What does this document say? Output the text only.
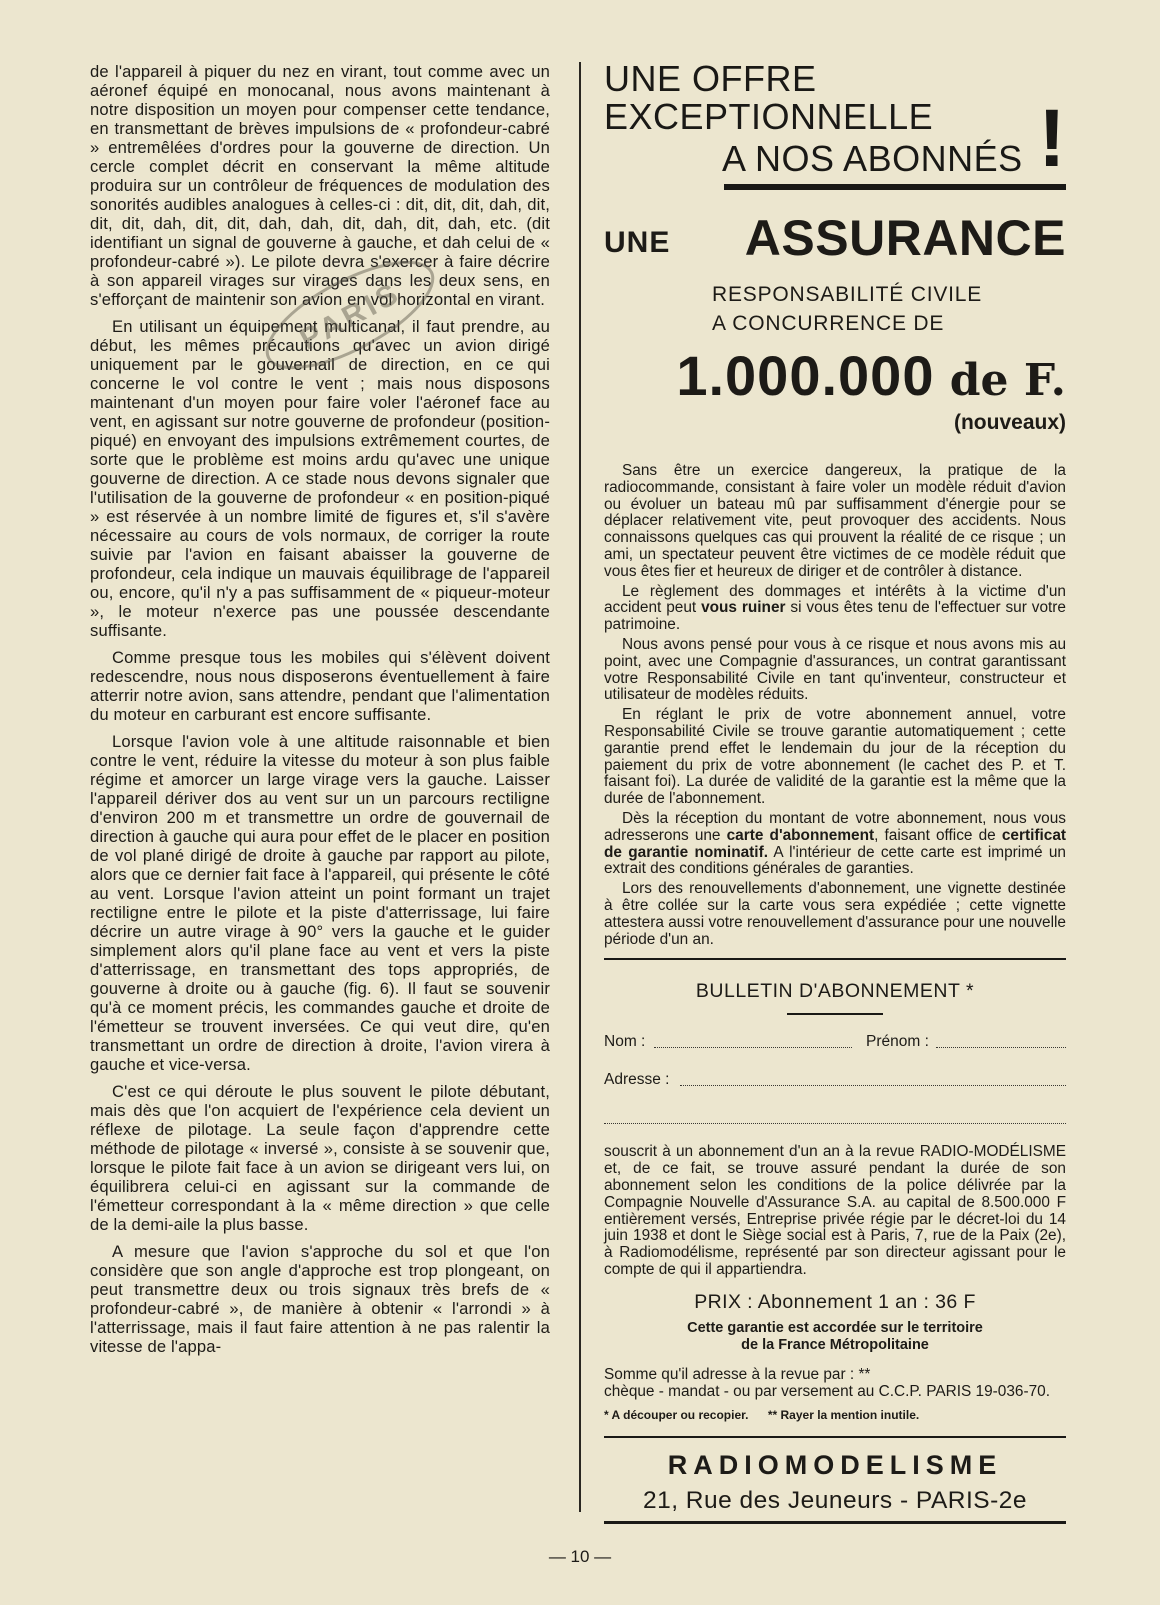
de l'appareil à piquer du nez en virant, tout comme avec un aéronef équipé en monocanal, nous avons maintenant à notre disposition un moyen pour compenser cette tendance, en transmettant de brèves impulsions de « profondeur-cabré » entremêlées d'ordres pour la gouverne de direction. Un cercle complet décrit en conservant la même altitude produira sur un contrôleur de fréquences de modulation des sonorités audibles analogues à celles-ci : dit, dit, dit, dah, dit, dit, dit, dah, dit, dit, dah, dah, dit, dah, dit, dah, etc. (dit identifiant un signal de gouverne à gauche, et dah celui de « profondeur-cabré »). Le pilote devra s'exercer à faire décrire à son appareil virages sur virages dans les deux sens, en s'efforçant de maintenir son avion en vol horizontal en virant.

En utilisant un équipement multicanal, il faut prendre, au début, les mêmes précautions qu'avec un avion dirigé uniquement par le gouvernail de direction, en ce qui concerne le vol contre le vent ; mais nous disposons maintenant d'un moyen pour faire voler l'aéronef face au vent, en agissant sur notre gouverne de profondeur (position-piqué) en envoyant des impulsions extrêmement courtes, de sorte que le problème est moins ardu qu'avec une unique gouverne de direction. A ce stade nous devons signaler que l'utilisation de la gouverne de profondeur « en position-piqué » est réservée à un nombre limité de figures et, s'il s'avère nécessaire au cours de vols normaux, de corriger la route suivie par l'avion en faisant abaisser la gouverne de profondeur, cela indique un mauvais équilibrage de l'appareil ou, encore, qu'il n'y a pas suffisamment de « piqueur-moteur », le moteur n'exerce pas une poussée descendante suffisante.

Comme presque tous les mobiles qui s'élèvent doivent redescendre, nous nous disposerons éventuellement à faire atterrir notre avion, sans attendre, pendant que l'alimentation du moteur en carburant est encore suffisante.

Lorsque l'avion vole à une altitude raisonnable et bien contre le vent, réduire la vitesse du moteur à son plus faible régime et amorcer un large virage vers la gauche. Laisser l'appareil dériver dos au vent sur un un parcours rectiligne d'environ 200 m et transmettre un ordre de gouvernail de direction à gauche qui aura pour effet de le placer en position de vol plané dirigé de droite à gauche par rapport au pilote, alors que ce dernier fait face à l'appareil, qui présente le côté au vent. Lorsque l'avion atteint un point formant un trajet rectiligne entre le pilote et la piste d'atterrissage, lui faire décrire un autre virage à 90° vers la gauche et le guider simplement alors qu'il plane face au vent et vers la piste d'atterrissage, en transmettant des tops appropriés, de gouverne à droite ou à gauche (fig. 6). Il faut se souvenir qu'à ce moment précis, les commandes gauche et droite de l'émetteur se trouvent inversées. Ce qui veut dire, qu'en transmettant un ordre de direction à droite, l'avion virera à gauche et vice-versa.

C'est ce qui déroute le plus souvent le pilote débutant, mais dès que l'on acquiert de l'expérience cela devient un réflexe de pilotage. La seule façon d'apprendre cette méthode de pilotage « inversé », consiste à se souvenir que, lorsque le pilote fait face à un avion se dirigeant vers lui, on équilibrera celui-ci en agissant sur la commande de l'émetteur correspondant à la « même direction » que celle de la demi-aile la plus basse.

A mesure que l'avion s'approche du sol et que l'on considère que son angle d'approche est trop plongeant, on peut transmettre deux ou trois signaux très brefs de « profondeur-cabré », de manière à obtenir « l'arrondi » à l'atterrissage, mais il faut faire attention à ne pas ralentir la vitesse de l'appa-

PARIS
UNE OFFRE
EXCEPTIONNELLE
A NOS ABONNÉS !
UNE ASSURANCE
RESPONSABILITÉ CIVILE
A CONCURRENCE DE
1.000.000 de F.
(nouveaux)

Sans être un exercice dangereux, la pratique de la radiocommande, consistant à faire voler un modèle réduit d'avion ou évoluer un bateau mû par suffisamment d'énergie pour se déplacer relativement vite, peut provoquer des accidents. Nous connaissons quelques cas qui prouvent la réalité de ce risque ; un ami, un spectateur peuvent être victimes de ce modèle réduit que vous êtes fier et heureux de diriger et de contrôler à distance.

Le règlement des dommages et intérêts à la victime d'un accident peut vous ruiner si vous êtes tenu de l'effectuer sur votre patrimoine.

Nous avons pensé pour vous à ce risque et nous avons mis au point, avec une Compagnie d'assurances, un contrat garantissant votre Responsabilité Civile en tant qu'inventeur, constructeur et utilisateur de modèles réduits.

En réglant le prix de votre abonnement annuel, votre Responsabilité Civile se trouve garantie automatiquement ; cette garantie prend effet le lendemain du jour de la réception du paiement du prix de votre abonnement (le cachet des P. et T. faisant foi). La durée de validité de la garantie est la même que la durée de l'abonnement.

Dès la réception du montant de votre abonnement, nous vous adresserons une carte d'abonnement, faisant office de certificat de garantie nominatif. A l'intérieur de cette carte est imprimé un extrait des conditions générales de garanties.

Lors des renouvellements d'abonnement, une vignette destinée à être collée sur la carte vous sera expédiée ; cette vignette attestera aussi votre renouvellement d'assurance pour une nouvelle période d'un an.

BULLETIN D'ABONNEMENT *
Nom :	Prénom :
Adresse :
souscrit à un abonnement d'un an à la revue RADIO-MODÉLISME et, de ce fait, se trouve assuré pendant la durée de son abonnement selon les conditions de la police délivrée par la Compagnie Nouvelle d'Assurance S.A. au capital de 8.500.000 F entièrement versés, Entreprise privée régie par le décret-loi du 14 juin 1938 et dont le Siège social est à Paris, 7, rue de la Paix (2e), à Radiomodélisme, représenté par son directeur agissant pour le compte de qui il appartiendra.
PRIX : Abonnement 1 an : 36 F
Cette garantie est accordée sur le territoire
de la France Métropolitaine
Somme qu'il adresse à la revue par : **
chèque - mandat - ou par versement au C.C.P. PARIS 19-036-70.
* A découper ou recopier. ** Rayer la mention inutile.
RADIOMODELISME
21, Rue des Jeuneurs - PARIS-2e
— 10 —
